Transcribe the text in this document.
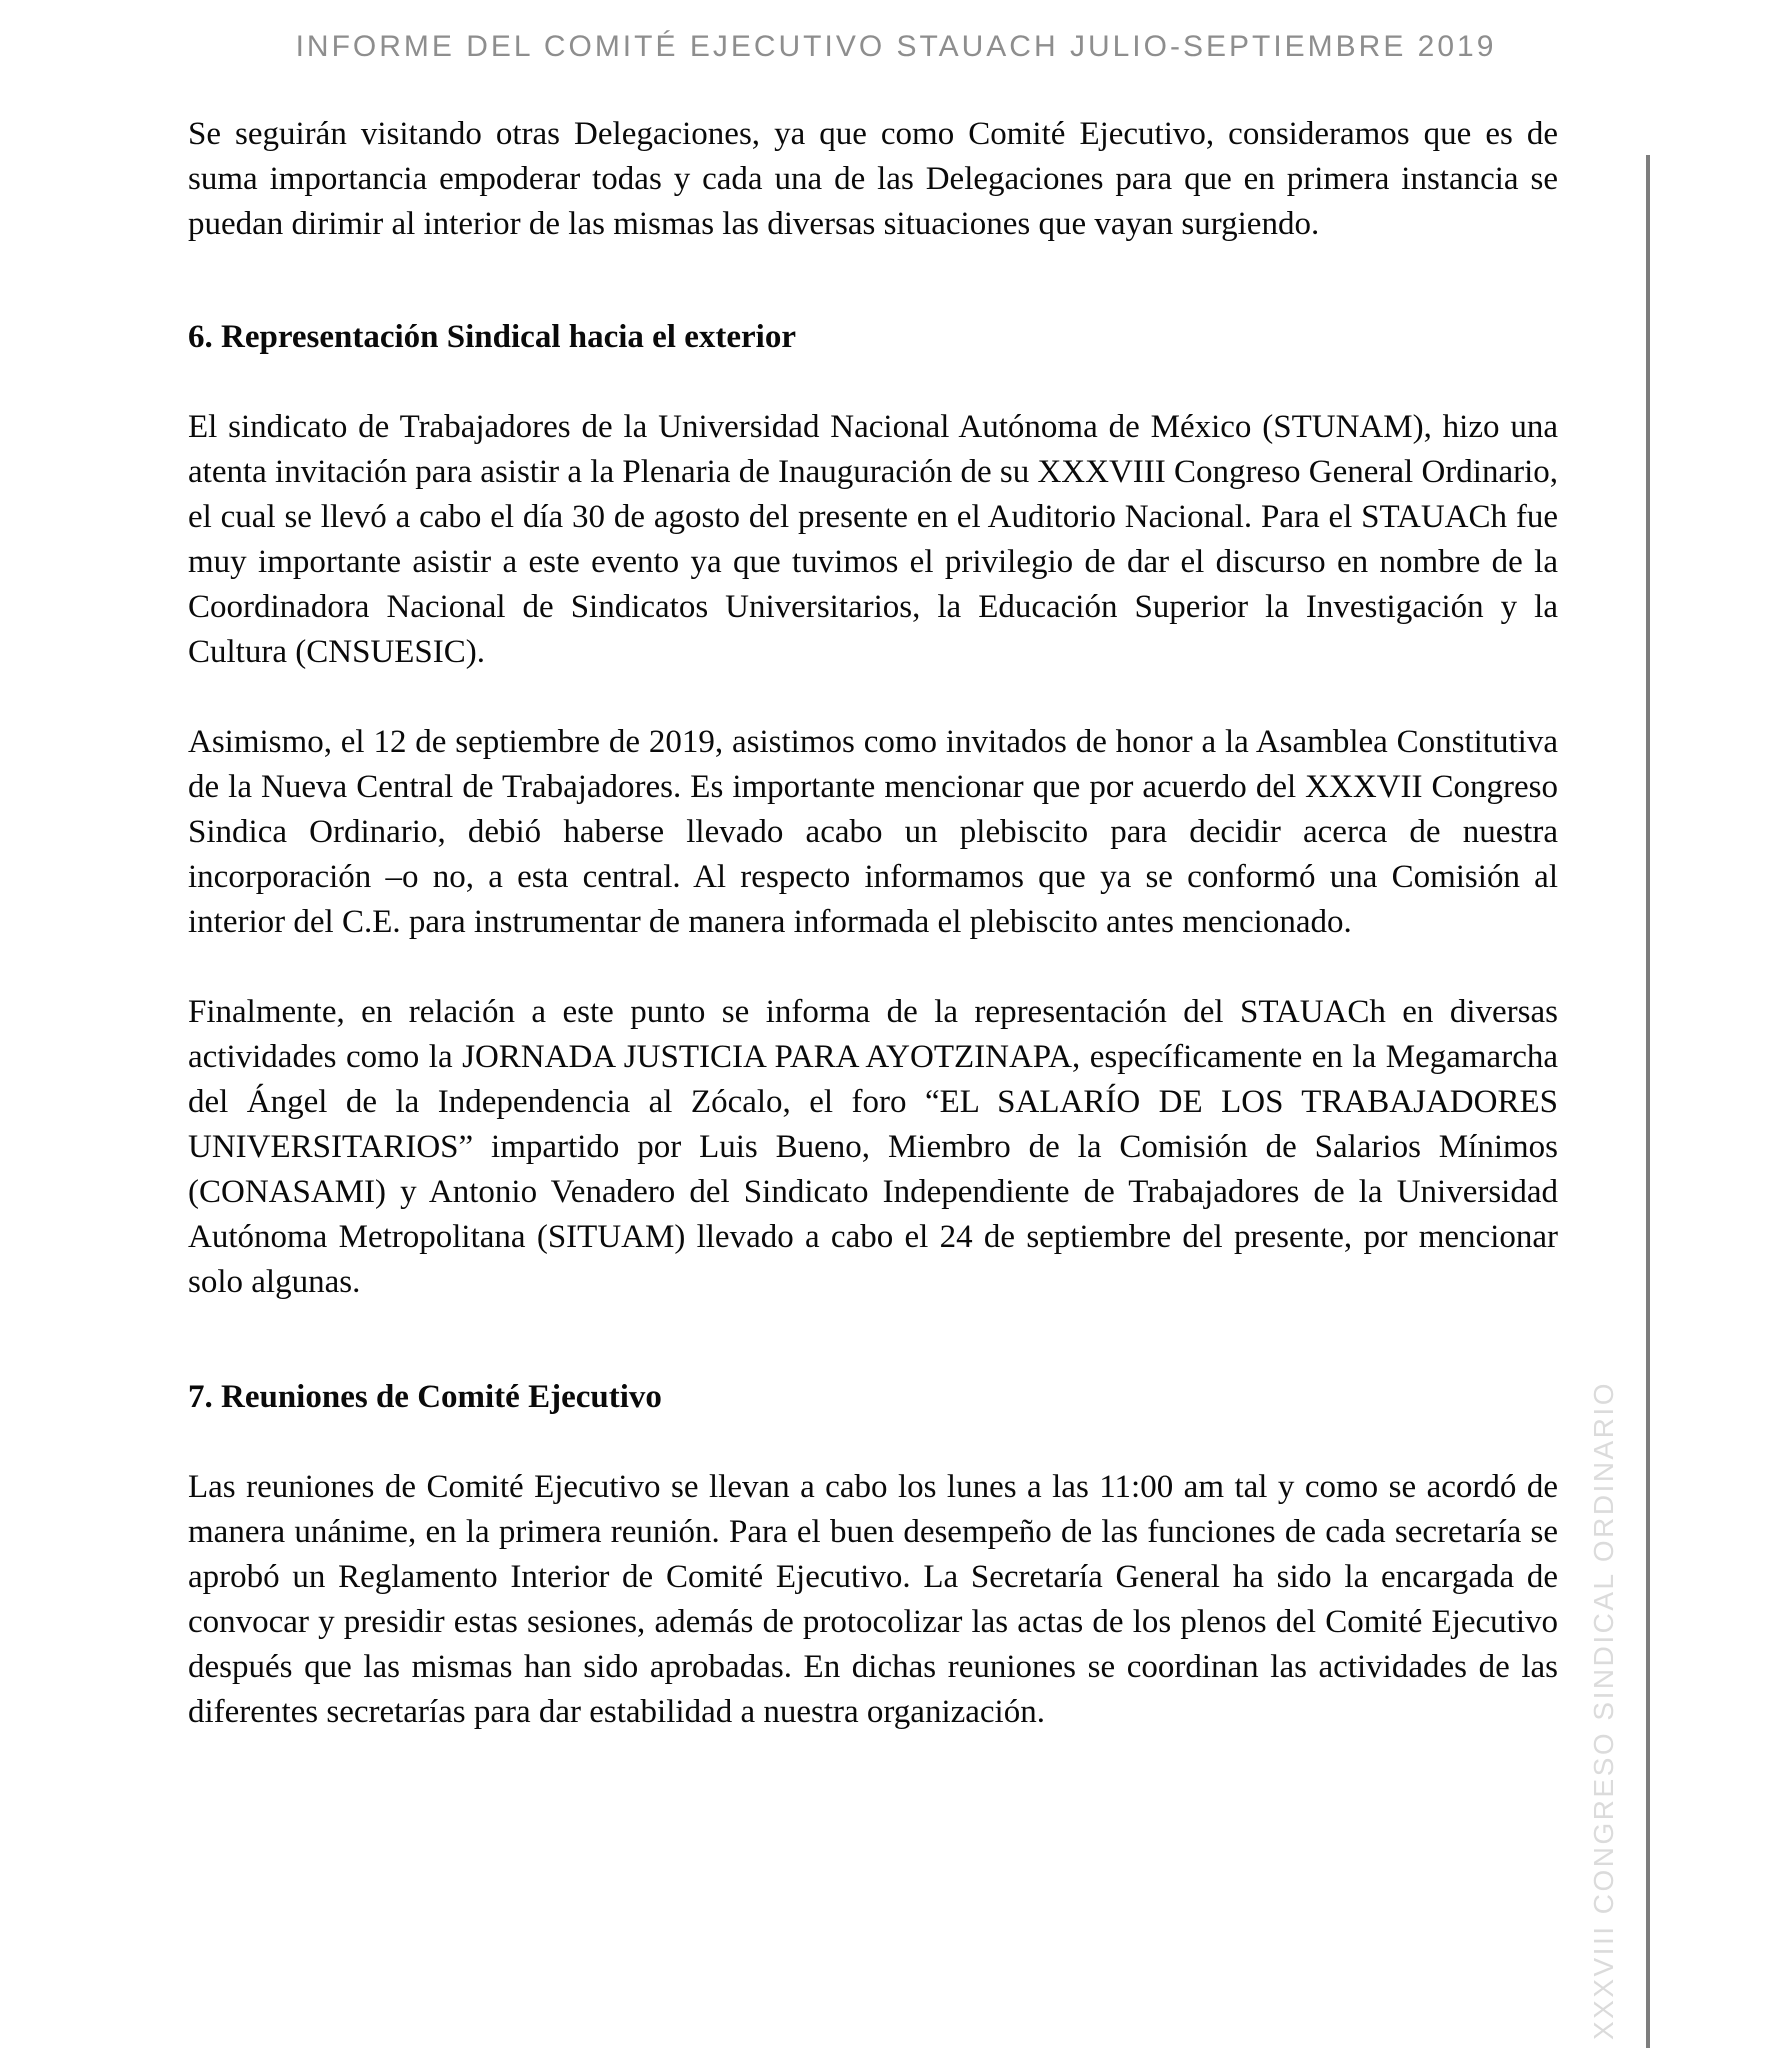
INFORME DEL COMITÉ EJECUTIVO STAUACH JULIO-SEPTIEMBRE 2019

Se seguirán visitando otras Delegaciones, ya que como Comité Ejecutivo, consideramos que es de suma importancia empoderar todas y cada una de las Delegaciones para que en primera instancia se puedan dirimir al interior de las mismas las diversas situaciones que vayan surgiendo.

6. Representación Sindical hacia el exterior

El sindicato de Trabajadores de la Universidad Nacional Autónoma de México (STUNAM), hizo una atenta invitación para asistir a la Plenaria de Inauguración de su XXXVIII Congreso General Ordinario, el cual se llevó a cabo el día 30 de agosto del presente en el Auditorio Nacional. Para el STAUACh fue muy importante asistir a este evento ya que tuvimos el privilegio de dar el discurso en nombre de la Coordinadora Nacional de Sindicatos Universitarios, la Educación Superior la Investigación y la Cultura (CNSUESIC).

Asimismo, el 12 de septiembre de 2019, asistimos como invitados de honor a la Asamblea Constitutiva de la Nueva Central de Trabajadores. Es importante mencionar que por acuerdo del XXXVII Congreso Sindica Ordinario, debió haberse llevado acabo un plebiscito para decidir acerca de nuestra incorporación –o no, a esta central. Al respecto informamos que ya se conformó una Comisión al interior del C.E. para instrumentar de manera informada el plebiscito antes mencionado.

Finalmente, en relación a este punto se informa de la representación del STAUACh en diversas actividades como la JORNADA JUSTICIA PARA AYOTZINAPA, específicamente en la Megamarcha del Ángel de la Independencia al Zócalo, el foro “EL SALARÍO DE LOS TRABAJADORES UNIVERSITARIOS” impartido por Luis Bueno, Miembro de la Comisión de Salarios Mínimos (CONASAMI) y Antonio Venadero del Sindicato Independiente de Trabajadores de la Universidad Autónoma Metropolitana (SITUAM) llevado a cabo el 24 de septiembre del presente, por mencionar solo algunas.

7. Reuniones de Comité Ejecutivo

Las reuniones de Comité Ejecutivo se llevan a cabo los lunes a las 11:00 am tal y como se acordó de manera unánime, en la primera reunión. Para el buen desempeño de las funciones de cada secretaría se aprobó un Reglamento Interior de Comité Ejecutivo. La Secretaría General ha sido la encargada de convocar y presidir estas sesiones, además de protocolizar las actas de los plenos del Comité Ejecutivo después que las mismas han sido aprobadas. En dichas reuniones se coordinan las actividades de las diferentes secretarías para dar estabilidad a nuestra organización.	XXXVIII CONGRESO SINDICAL ORDINARIO
